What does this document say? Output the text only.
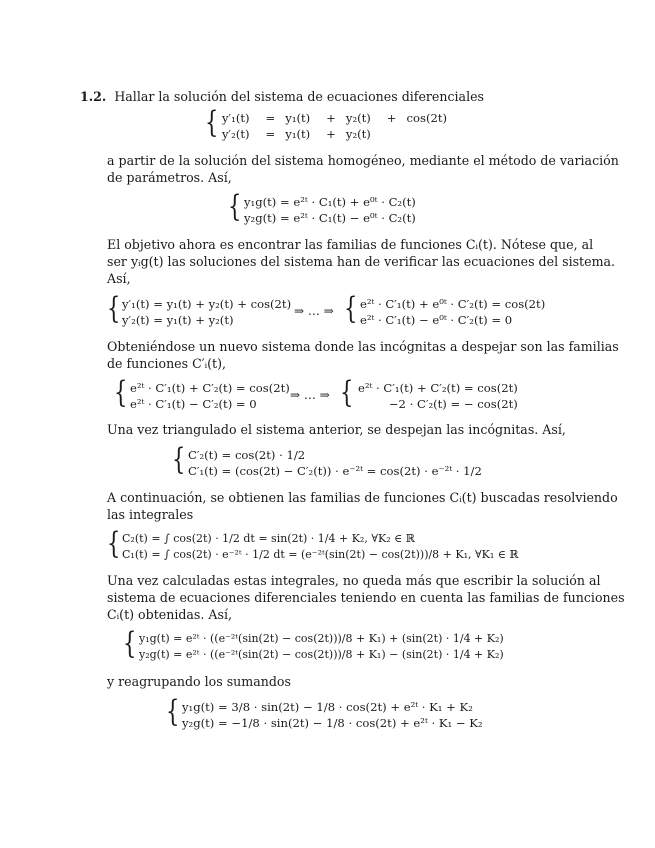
1.2. Hallar la solución del sistema de ecuaciones diferenciales
{ y′₁(t)	=	y₁(t)	+	y₂(t)	+	cos(2t)
y′₂(t)	=	y₁(t)	+	y₂(t)		
a partir de la solución del sistema homogéneo, mediante el método de variación
de parámetros. Así,
{ y₁g(t) = e²ᵗ · C₁(t) + e⁰ᵗ · C₂(t)
y₂g(t) = e²ᵗ · C₁(t) − e⁰ᵗ · C₂(t)
El objetivo ahora es encontrar las familias de funciones Cᵢ(t). Nótese que, al
ser yᵢg(t) las soluciones del sistema han de verificar las ecuaciones del sistema.
Así,
{ y′₁(t) = y₁(t) + y₂(t) + cos(2t)
y′₂(t) = y₁(t) + y₂(t)
⇒ … ⇒ { e²ᵗ · C′₁(t) + e⁰ᵗ · C′₂(t) = cos(2t)
e²ᵗ · C′₁(t) − e⁰ᵗ · C′₂(t) = 0
Obteniéndose un nuevo sistema donde las incógnitas a despejar son las familias
de funciones C′ᵢ(t),
{ e²ᵗ · C′₁(t) + C′₂(t) = cos(2t)
e²ᵗ · C′₁(t) − C′₂(t) = 0
⇒ … ⇒ { e²ᵗ · C′₁(t) + C′₂(t) = cos(2t)
−2 · C′₂(t) = − cos(2t)
Una vez triangulado el sistema anterior, se despejan las incógnitas. Así,
{ C′₂(t) = cos(2t) · 1/2
C′₁(t) = (cos(2t) − C′₂(t)) · e⁻²ᵗ = cos(2t) · e⁻²ᵗ · 1/2
A continuación, se obtienen las familias de funciones Cᵢ(t) buscadas resolviendo
las integrales
{ C₂(t) = ∫ cos(2t) · 1/2 dt = sin(2t) · 1/4 + K₂, ∀K₂ ∈ ℝ
C₁(t) = ∫ cos(2t) · e⁻²ᵗ · 1/2 dt = (e⁻²ᵗ(sin(2t) − cos(2t)))/8 + K₁, ∀K₁ ∈ ℝ
Una vez calculadas estas integrales, no queda más que escribir la solución al
sistema de ecuaciones diferenciales teniendo en cuenta las familias de funciones
Cᵢ(t) obtenidas. Así,
{ y₁g(t) = e²ᵗ · ((e⁻²ᵗ(sin(2t) − cos(2t)))/8 + K₁) + (sin(2t) · 1/4 + K₂)
y₂g(t) = e²ᵗ · ((e⁻²ᵗ(sin(2t) − cos(2t)))/8 + K₁) − (sin(2t) · 1/4 + K₂)
y reagrupando los sumandos
{ y₁g(t) = 3/8 · sin(2t) − 1/8 · cos(2t) + e²ᵗ · K₁ + K₂
y₂g(t) = −1/8 · sin(2t) − 1/8 · cos(2t) + e²ᵗ · K₁ − K₂
